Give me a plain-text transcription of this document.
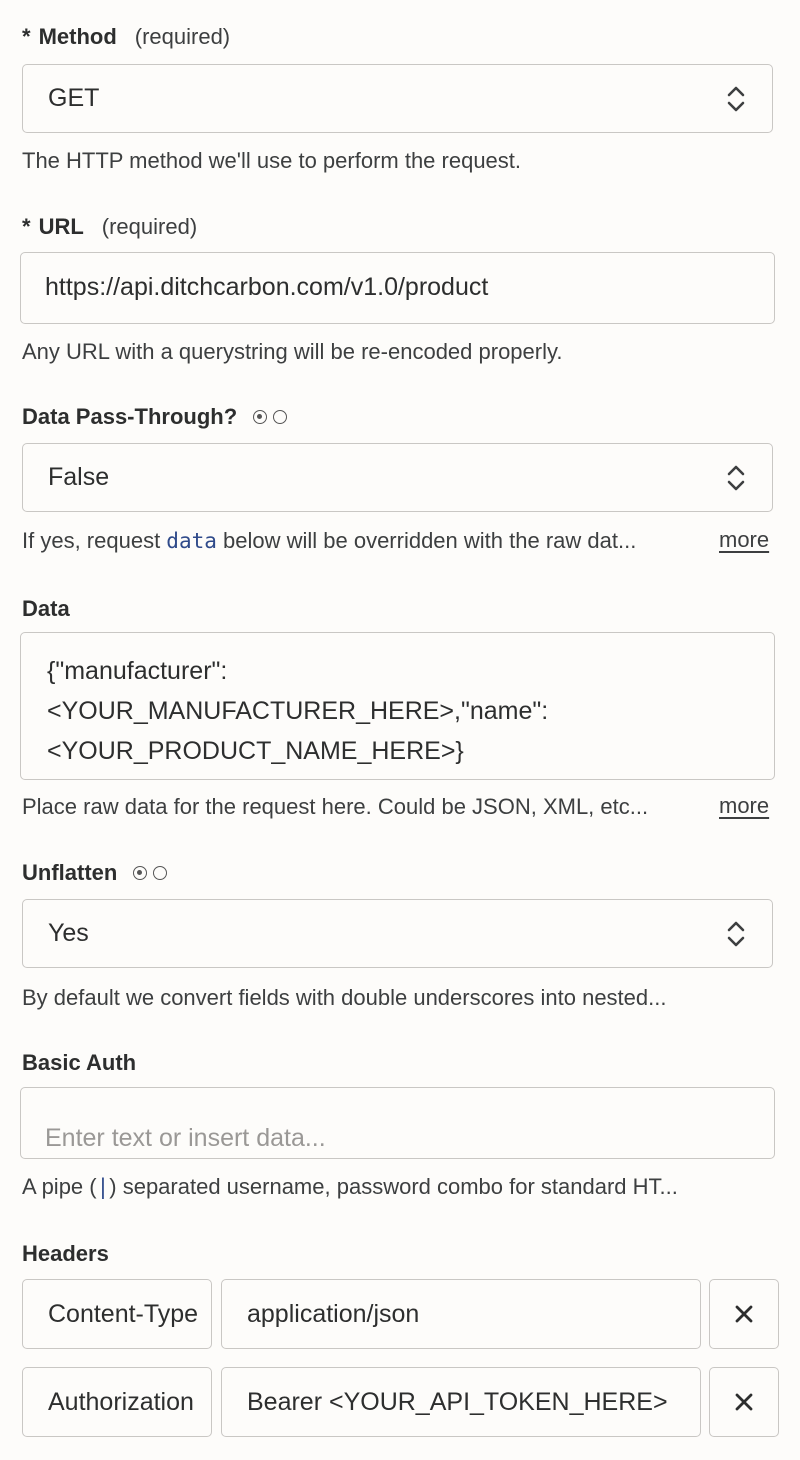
* Method (required)
GET
The HTTP method we'll use to perform the request.
* URL (required)
https://api.ditchcarbon.com/v1.0/product
Any URL with a querystring will be re-encoded properly.
Data Pass-Through?
False
If yes, request data below will be overridden with the raw dat...	more
Data
{"manufacturer":
<YOUR_MANUFACTURER_HERE>,"name":
<YOUR_PRODUCT_NAME_HERE>}
Place raw data for the request here. Could be JSON, XML, etc...	more
Unflatten
Yes
By default we convert fields with double underscores into nested...
Basic Auth
Enter text or insert data...
A pipe (|) separated username, password combo for standard HT...
Headers
Content-Type application/json
Authorization Bearer <YOUR_API_TOKEN_HERE>
